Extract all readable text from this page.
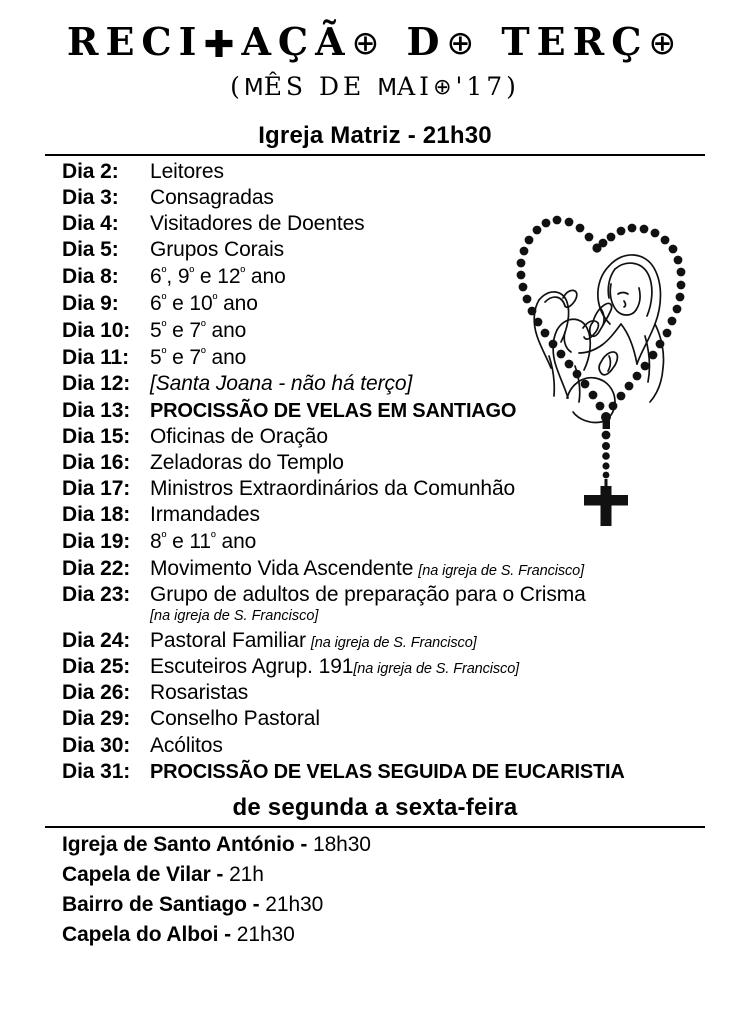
RECI✚AÇÃ⊕ D⊕ TERÇ⊕

(MÊS DE MAI⊕'17)

Igreja Matriz - 21h30
Dia 2:	Leitores
Dia 3:	Consagradas
Dia 4:	Visitadores de Doentes
Dia 5:	Grupos Corais
Dia 8:	$6^º$, $9^º$ e $12^º$ ano
Dia 9:	$6^º$ e $10^º$ ano
Dia 10: $5^º$ e $7^º$ ano
Dia 11: $5^º$ e $7^º$ ano
Dia 12: [Santa Joana - não há terço]
Dia 13: PROCISSÃO DE VELAS EM SANTIAGO
Dia 15: Oficinas de Oração
Dia 16: Zeladoras do Templo
Dia 17: Ministros Extraordinários da Comunhão
Dia 18: Irmandades
Dia 19: $8^º$ e $11^º$ ano
Dia 22: Movimento Vida Ascendente [na igreja de S. Francisco]
Dia 23: Grupo de adultos de preparação para o Crisma
[na igreja de S. Francisco]
Dia 24: Pastoral Familiar [na igreja de S. Francisco]
Dia 25: Escuteiros Agrup. 191[na igreja de S. Francisco]
Dia 26: Rosaristas
Dia 29: Conselho Pastoral
Dia 30: Acólitos
Dia 31: PROCISSÃO DE VELAS SEGUIDA DE EUCARISTIA
de segunda a sexta-feira
Igreja de Santo António - 18h30
Capela de Vilar - 21h
Bairro de Santiago - 21h30
Capela do Alboi - 21h30
